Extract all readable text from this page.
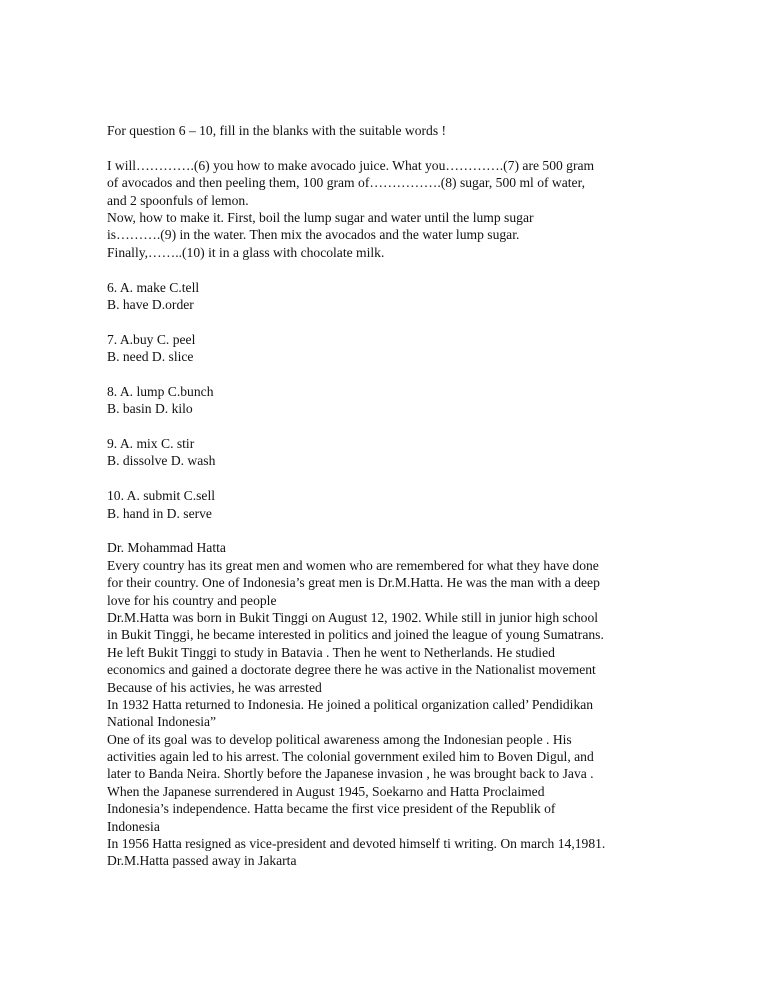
For question 6 – 10, fill in the blanks with the suitable words !
I will………….(6) you how to make avocado juice. What you………….(7) are 500 gram
of avocados and then peeling them, 100 gram of…………….(8) sugar, 500 ml of water,
and 2 spoonfuls of lemon.
Now, how to make it. First, boil the lump sugar and water until the lump sugar
is……….(9) in the water. Then mix the avocados and the water lump sugar.
Finally,……..(10) it in a glass with chocolate milk.
6. A. make C.tell
B. have D.order
7. A.buy C. peel
B. need D. slice
8. A. lump C.bunch
B. basin D. kilo
9. A. mix C. stir
B. dissolve D. wash
10. A. submit C.sell
B. hand in D. serve
Dr. Mohammad Hatta
Every country has its great men and women who are remembered for what they have done
for their country. One of Indonesia’s great men is Dr.M.Hatta. He was the man with a deep
love for his country and people
Dr.M.Hatta was born in Bukit Tinggi on August 12, 1902. While still in junior high school
in Bukit Tinggi, he became interested in politics and joined the league of young Sumatrans.
He left Bukit Tinggi to study in Batavia . Then he went to Netherlands. He studied
economics and gained a doctorate degree there he was active in the Nationalist movement
Because of his activies, he was arrested
In 1932 Hatta returned to Indonesia. He joined a political organization called’ Pendidikan
National Indonesia”
One of its goal was to develop political awareness among the Indonesian people . His
activities again led to his arrest. The colonial government exiled him to Boven Digul, and
later to Banda Neira. Shortly before the Japanese invasion , he was brought back to Java .
When the Japanese surrendered in August 1945, Soekarno and Hatta Proclaimed
Indonesia’s independence. Hatta became the first vice president of the Republik of
Indonesia
In 1956 Hatta resigned as vice-president and devoted himself ti writing. On march 14,1981.
Dr.M.Hatta passed away in Jakarta
